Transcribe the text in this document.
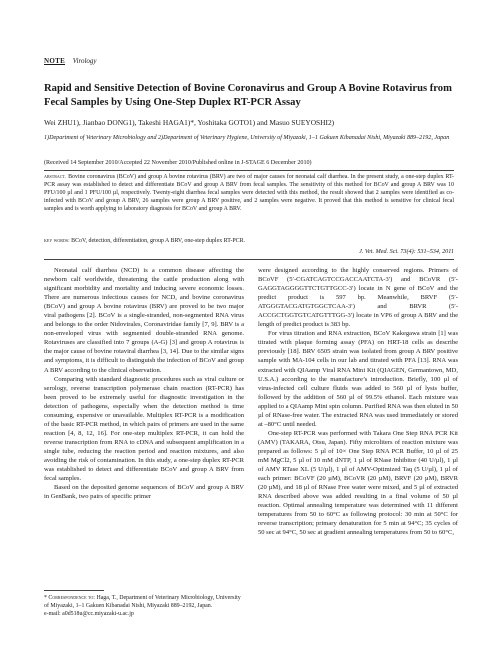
NOTE Virology
Rapid and Sensitive Detection of Bovine Coronavirus and Group A Bovine Rotavirus from Fecal Samples by Using One-Step Duplex RT-PCR Assay
Wei ZHU1), Jianbao DONG1), Takeshi HAGA1)*, Yoshitaka GOTO1) and Masuo SUEYOSHI2)
1)Department of Veterinary Microbiology and 2)Department of Veterinary Hygiene, University of Miyazaki, 1–1 Gakuen Kibanadai Nishi, Miyazaki 889–2192, Japan
(Received 14 September 2010/Accepted 22 November 2010/Published online in J-STAGE 6 December 2010)
abstract. Bovine coronavirus (BCoV) and group A bovine rotavirus (BRV) are two of major causes for neonatal calf diarrhea. In the present study, a one-step duplex RT-PCR assay was established to detect and differentiate BCoV and group A BRV from fecal samples. The sensitivity of this method for BCoV and group A BRV was 10 PFU/100 µl and 1 PFU/100 µl, respectively. Twenty-eight diarrhea fecal samples were detected with this method, the result showed that 2 samples were identified as co-infected with BCoV and group A BRV, 26 samples were group A BRV positive, and 2 samples were negative. It proved that this method is sensitive for clinical fecal samples and is worth applying to laboratory diagnosis for BCoV and group A BRV.
key words: BCoV, detection, differentiation, group A BRV, one-step duplex RT-PCR.
J. Vet. Med. Sci. 73(4): 531–534, 2011

Neonatal calf diarrhea (NCD) is a common disease affecting the newborn calf worldwide, threatening the cattle production along with significant morbidity and mortality and inducing severe economic losses. There are numerous infectious causes for NCD, and bovine coronavirus (BCoV) and group A bovine rotavirus (BRV) are proved to be two major viral pathogens [2]. BCoV is a single-stranded, non-segmented RNA virus and belongs to the order Nidovirales, Coronaviridae family [7, 9]. BRV is a non-enveloped virus with segmented double-stranded RNA genome. Rotaviruses are classified into 7 groups (A-G) [3] and group A rotavirus is the major cause of bovine rotaviral diarrhea [3, 14]. Due to the similar signs and symptoms, it is difficult to distinguish the infection of BCoV and group A BRV according to the clinical observation.

Comparing with standard diagnostic procedures such as viral culture or serology, reverse transcription polymerase chain reaction (RT-PCR) has been proved to be extremely useful for diagnostic investigation in the detection of pathogens, especially when the detection method is time consuming, expensive or unavailable. Multiplex RT-PCR is a modification of the basic RT-PCR method, in which pairs of primers are used in the same reaction [4, 8, 12, 16]. For one-step multiplex RT-PCR, it can hold the reverse transcription from RNA to cDNA and subsequent amplification in a single tube, reducing the reaction period and reaction mixtures, and also avoiding the risk of contamination. In this study, a one-step duplex RT-PCR was established to detect and differentiate BCoV and group A BRV from fecal samples.

Based on the deposited genome sequences of BCoV and group A BRV in GenBank, two pairs of specific primer

were designed according to the highly conserved regions. Primers of BCoVF (5′-CGATCAGTCCGACCAATCTA-3′) and BCoVR (5′-GAGGTAGGGGTTCTGTTGCC-3′) locate in N gene of BCoV and the predict product is 597 bp. Meanwhile, BRVF (5′-ATGGGTACGATGTGGCTCAA-3′) and BRVR (5′-ACCGCTGGTGTCATGTTTGG-3′) locate in VP6 of group A BRV and the length of predict product is 383 bp.

For virus titration and RNA extraction, BCoV Kakegawa strain [1] was titrated with plaque forming assay (PFA) on HRT-18 cells as describe previously [18]. BRV 6505 strain was isolated from group A BRV positive sample with MA-104 cells in our lab and titrated with PFA [13]. RNA was extracted with QIAamp Viral RNA Mini Kit (QIAGEN, Germantown, MD, U.S.A.) according to the manufacture’s introduction. Briefly, 100 µl of virus-infected cell culture fluids was added to 560 µl of lysis buffer, followed by the addition of 560 µl of 99.5% ethanol. Each mixture was applied to a QIAamp Mini spin column. Purified RNA was then eluted in 50 µl of RNase-free water. The extracted RNA was used immediately or stored at –80°C until needed.

One-step RT-PCR was performed with Takara One Step RNA PCR Kit (AMV) (TAKARA, Otsu, Japan). Fifty microliters of reaction mixture was prepared as follows: 5 µl of 10× One Step RNA PCR Buffer, 10 µl of 25 mM MgCl2, 5 µl of 10 mM dNTP, 1 µl of RNase Inhibitor (40 U/µl), 1 µl of AMV RTase XL (5 U/µl), 1 µl of AMV-Optimized Taq (5 U/µl), 1 µl of each primer: BCoVF (20 µM), BCoVR (20 µM), BRVF (20 µM), BRVR (20 µM), and 18 µl of RNase Free water were mixed, and 5 µl of extracted RNA described above was added resulting in a final volume of 50 µl reaction. Optimal annealing temperature was determined with 11 different temperatures from 50 to 60°C as following protocol: 30 min at 50°C for reverse transcription; primary denaturation for 5 min at 94°C; 35 cycles of 50 sec at 94°C, 50 sec at gradient annealing temperatures from 50 to 60°C,

* Correspondence to: Haga, T., Department of Veterinary Microbiology, University of Miyazaki, 1–1 Gakuen Kibanadai Nishi, Miyazaki 889–2192, Japan.
e-mail: a0d518u@cc.miyazaki-u.ac.jp
